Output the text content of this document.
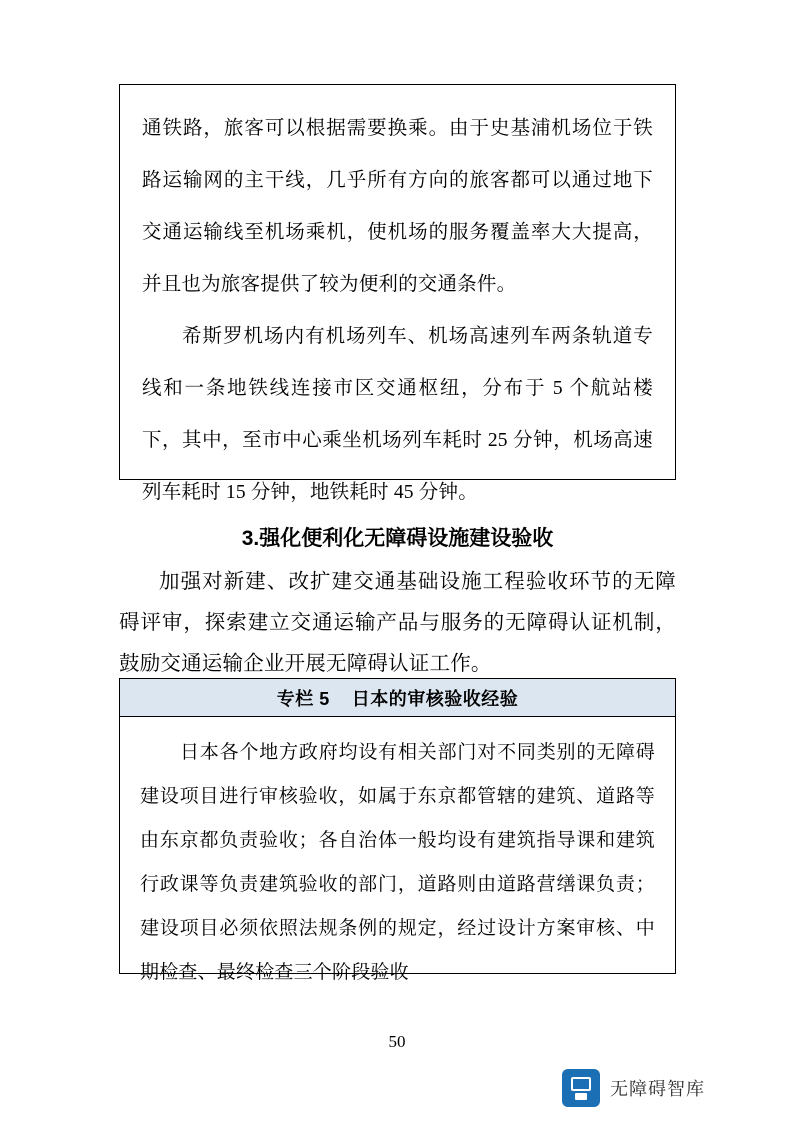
通铁路，旅客可以根据需要换乘。由于史基浦机场位于铁路运输网的主干线，几乎所有方向的旅客都可以通过地下交通运输线至机场乘机，使机场的服务覆盖率大大提高，并且也为旅客提供了较为便利的交通条件。

希斯罗机场内有机场列车、机场高速列车两条轨道专线和一条地铁线连接市区交通枢纽，分布于 5 个航站楼下，其中，至市中心乘坐机场列车耗时 25 分钟，机场高速列车耗时 15 分钟，地铁耗时 45 分钟。

3.强化便利化无障碍设施建设验收

加强对新建、改扩建交通基础设施工程验收环节的无障碍评审，探索建立交通运输产品与服务的无障碍认证机制，鼓励交通运输企业开展无障碍认证工作。

专栏 5 日本的审核验收经验

日本各个地方政府均设有相关部门对不同类别的无障碍建设项目进行审核验收，如属于东京都管辖的建筑、道路等由东京都负责验收；各自治体一般均设有建筑指导课和建筑行政课等负责建筑验收的部门，道路则由道路营缮课负责；建设项目必须依照法规条例的规定，经过设计方案审核、中期检查、最终检查三个阶段验收

50
无障碍智库
